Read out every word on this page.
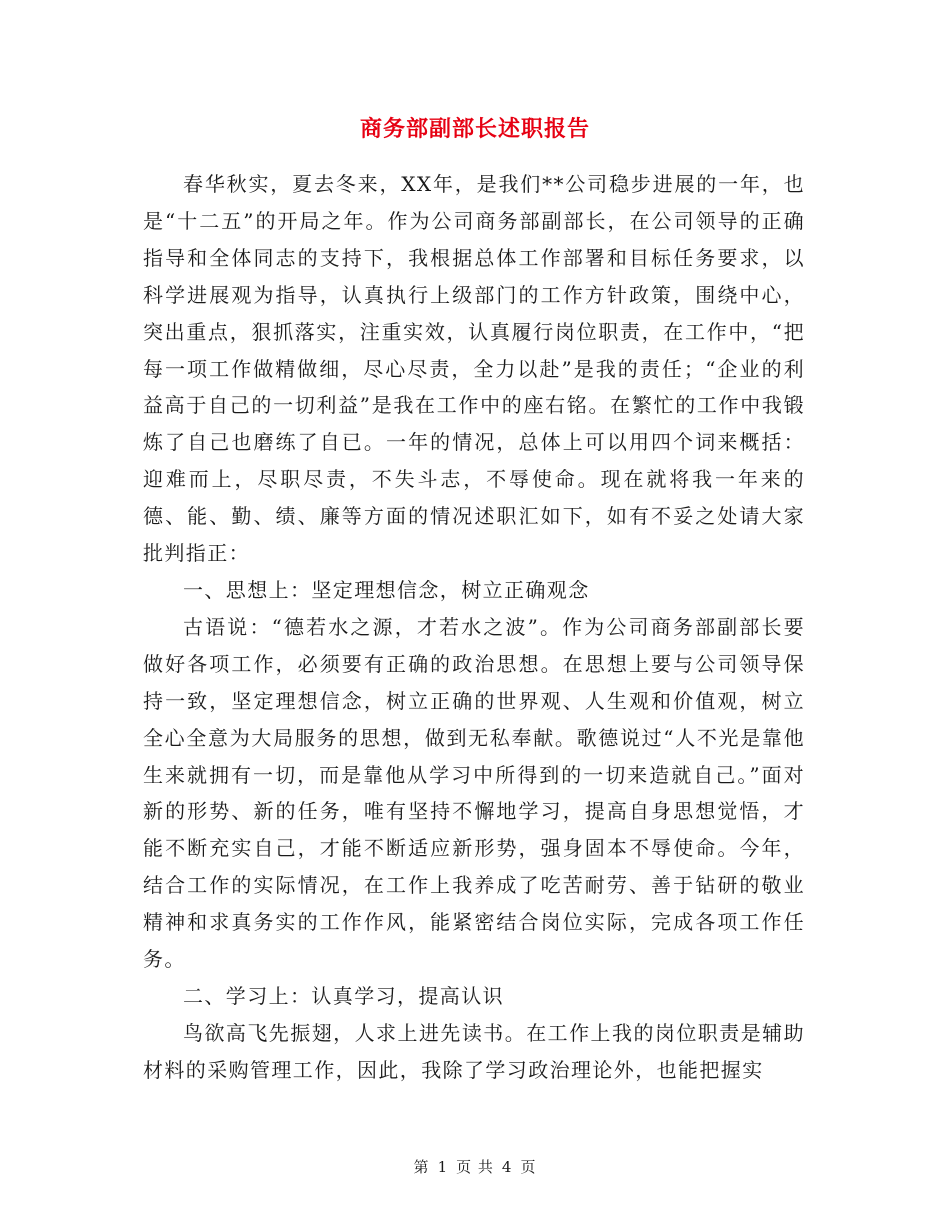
商务部副部长述职报告

春华秋实，夏去冬来，XX年，是我们**公司稳步进展的一年，也是“十二五”的开局之年。作为公司商务部副部长，在公司领导的正确指导和全体同志的支持下，我根据总体工作部署和目标任务要求，以科学进展观为指导，认真执行上级部门的工作方针政策，围绕中心，突出重点，狠抓落实，注重实效，认真履行岗位职责，在工作中，“把每一项工作做精做细，尽心尽责，全力以赴”是我的责任；“企业的利益高于自己的一切利益”是我在工作中的座右铭。在繁忙的工作中我锻炼了自己也磨练了自已。一年的情况，总体上可以用四个词来概括：迎难而上，尽职尽责，不失斗志，不辱使命。现在就将我一年来的德、能、勤、绩、廉等方面的情况述职汇如下，如有不妥之处请大家批判指正：

一、思想上：坚定理想信念，树立正确观念

古语说：“德若水之源，才若水之波”。作为公司商务部副部长要做好各项工作，必须要有正确的政治思想。在思想上要与公司领导保持一致，坚定理想信念，树立正确的世界观、人生观和价值观，树立全心全意为大局服务的思想，做到无私奉献。歌德说过“人不光是靠他生来就拥有一切，而是靠他从学习中所得到的一切来造就自己。”面对新的形势、新的任务，唯有坚持不懈地学习，提高自身思想觉悟，才能不断充实自己，才能不断适应新形势，强身固本不辱使命。今年，结合工作的实际情况，在工作上我养成了吃苦耐劳、善于钻研的敬业精神和求真务实的工作作风，能紧密结合岗位实际，完成各项工作任务。

二、学习上：认真学习，提高认识

鸟欲高飞先振翅，人求上进先读书。在工作上我的岗位职责是辅助材料的采购管理工作，因此，我除了学习政治理论外，也能把握实

第 1 页 共 4 页
